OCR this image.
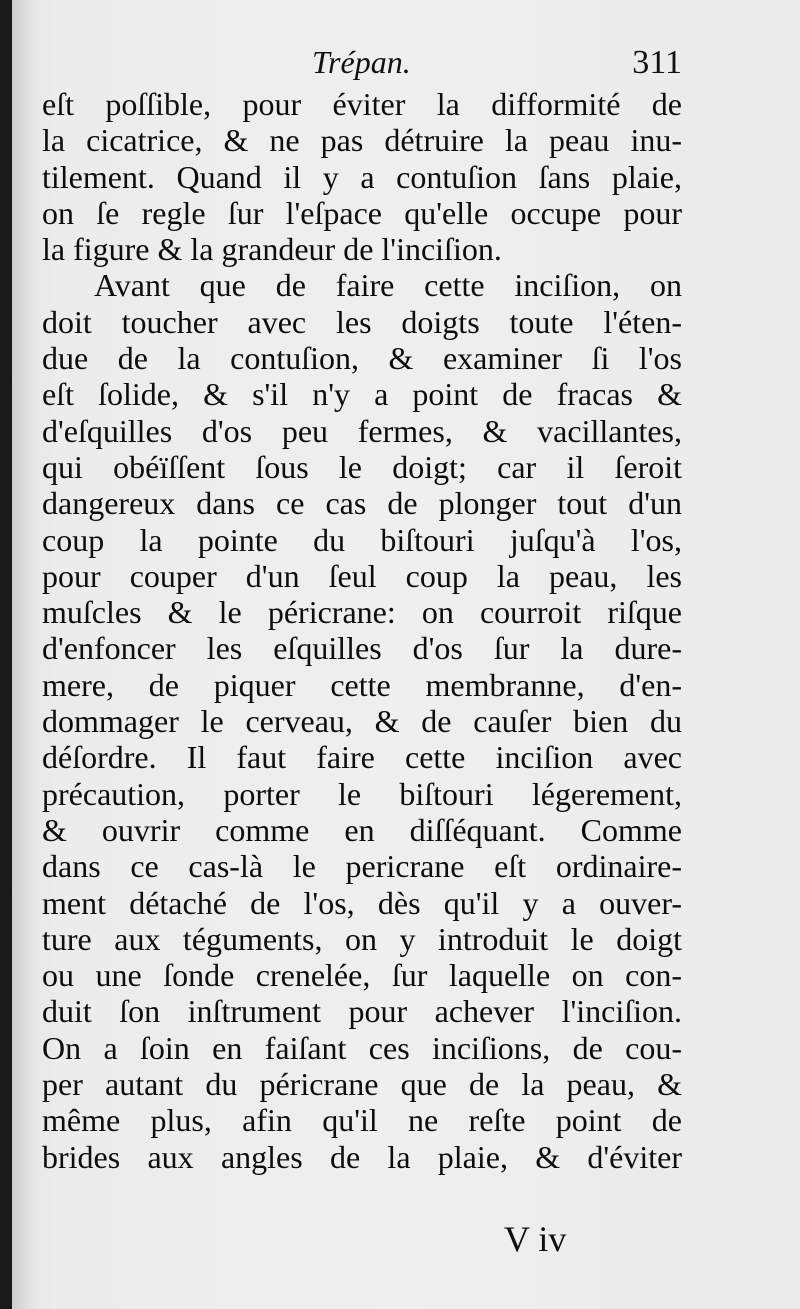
Trépan.	311
eſt poſſible, pour éviter la difformité de
la cicatrice, & ne pas détruire la peau inu-
tilement. Quand il y a contuſion ſans plaie,
on ſe regle ſur l'eſpace qu'elle occupe pour
la figure & la grandeur de l'inciſion.
Avant que de faire cette inciſion, on
doit toucher avec les doigts toute l'éten-
due de la contuſion, & examiner ſi l'os
eſt ſolide, & s'il n'y a point de fracas &
d'eſquilles d'os peu fermes, & vacillantes,
qui obéïſſent ſous le doigt; car il ſeroit
dangereux dans ce cas de plonger tout d'un
coup la pointe du biſtouri juſqu'à l'os,
pour couper d'un ſeul coup la peau, les
muſcles & le péricrane: on courroit riſque
d'enfoncer les eſquilles d'os ſur la dure-
mere, de piquer cette membranne, d'en-
dommager le cerveau, & de cauſer bien du
déſordre. Il faut faire cette inciſion avec
précaution, porter le biſtouri légerement,
& ouvrir comme en diſſéquant. Comme
dans ce cas-là le pericrane eſt ordinaire-
ment détaché de l'os, dès qu'il y a ouver-
ture aux téguments, on y introduit le doigt
ou une ſonde crenelée, ſur laquelle on con-
duit ſon inſtrument pour achever l'inciſion.
On a ſoin en faiſant ces inciſions, de cou-
per autant du péricrane que de la peau, &
même plus, afin qu'il ne reſte point de
brides aux angles de la plaie, & d'éviter
V iv
